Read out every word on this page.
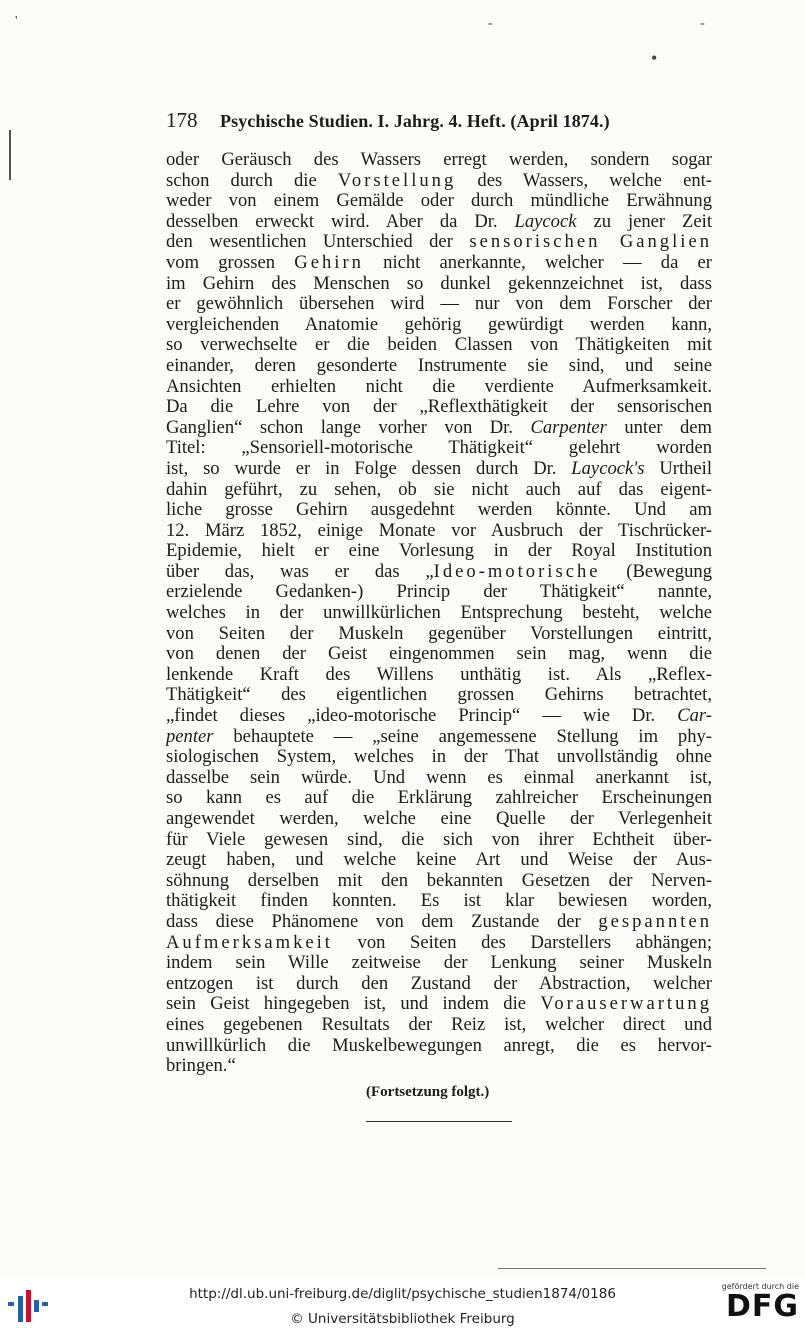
'	-	-
•
178 Psychische Studien. I. Jahrg. 4. Heft. (April 1874.)
oder Geräusch des Wassers erregt werden, sondern sogar
schon durch die Vorstellung des Wassers, welche ent-
weder von einem Gemälde oder durch mündliche Erwähnung
desselben erweckt wird. Aber da Dr. Laycock zu jener Zeit
den wesentlichen Unterschied der sensorischen Ganglien
vom grossen Gehirn nicht anerkannte, welcher — da er
im Gehirn des Menschen so dunkel gekennzeichnet ist, dass
er gewöhnlich übersehen wird — nur von dem Forscher der
vergleichenden Anatomie gehörig gewürdigt werden kann,
so verwechselte er die beiden Classen von Thätigkeiten mit
einander, deren gesonderte Instrumente sie sind, und seine
Ansichten erhielten nicht die verdiente Aufmerksamkeit.
Da die Lehre von der „Reflexthätigkeit der sensorischen
Ganglien“ schon lange vorher von Dr. Carpenter unter dem
Titel: „Sensoriell-motorische Thätigkeit“ gelehrt worden
ist, so wurde er in Folge dessen durch Dr. Laycock's Urtheil
dahin geführt, zu sehen, ob sie nicht auch auf das eigent-
liche grosse Gehirn ausgedehnt werden könnte. Und am
12. März 1852, einige Monate vor Ausbruch der Tischrücker-
Epidemie, hielt er eine Vorlesung in der Royal Institution
über das, was er das „Ideo-motorische (Bewegung
erzielende Gedanken-) Princip der Thätigkeit“ nannte,
welches in der unwillkürlichen Entsprechung besteht, welche
von Seiten der Muskeln gegenüber Vorstellungen eintritt,
von denen der Geist eingenommen sein mag, wenn die
lenkende Kraft des Willens unthätig ist. Als „Reflex-
Thätigkeit“ des eigentlichen grossen Gehirns betrachtet,
„findet dieses „ideo-motorische Princip“ — wie Dr. Car-
penter behauptete — „seine angemessene Stellung im phy-
siologischen System, welches in der That unvollständig ohne
dasselbe sein würde. Und wenn es einmal anerkannt ist,
so kann es auf die Erklärung zahlreicher Erscheinungen
angewendet werden, welche eine Quelle der Verlegenheit
für Viele gewesen sind, die sich von ihrer Echtheit über-
zeugt haben, und welche keine Art und Weise der Aus-
söhnung derselben mit den bekannten Gesetzen der Nerven-
thätigkeit finden konnten. Es ist klar bewiesen worden,
dass diese Phänomene von dem Zustande der gespannten
Aufmerksamkeit von Seiten des Darstellers abhängen;
indem sein Wille zeitweise der Lenkung seiner Muskeln
entzogen ist durch den Zustand der Abstraction, welcher
sein Geist hingegeben ist, und indem die Vorauserwartung
eines gegebenen Resultats der Reiz ist, welcher direct und
unwillkürlich die Muskelbewegungen anregt, die es hervor-
bringen.“
(Fortsetzung folgt.)
http://dl.ub.uni-freiburg.de/diglit/psychische_studien1874/0186
© Universitätsbibliothek Freiburg
gefördert durch die
DFG
